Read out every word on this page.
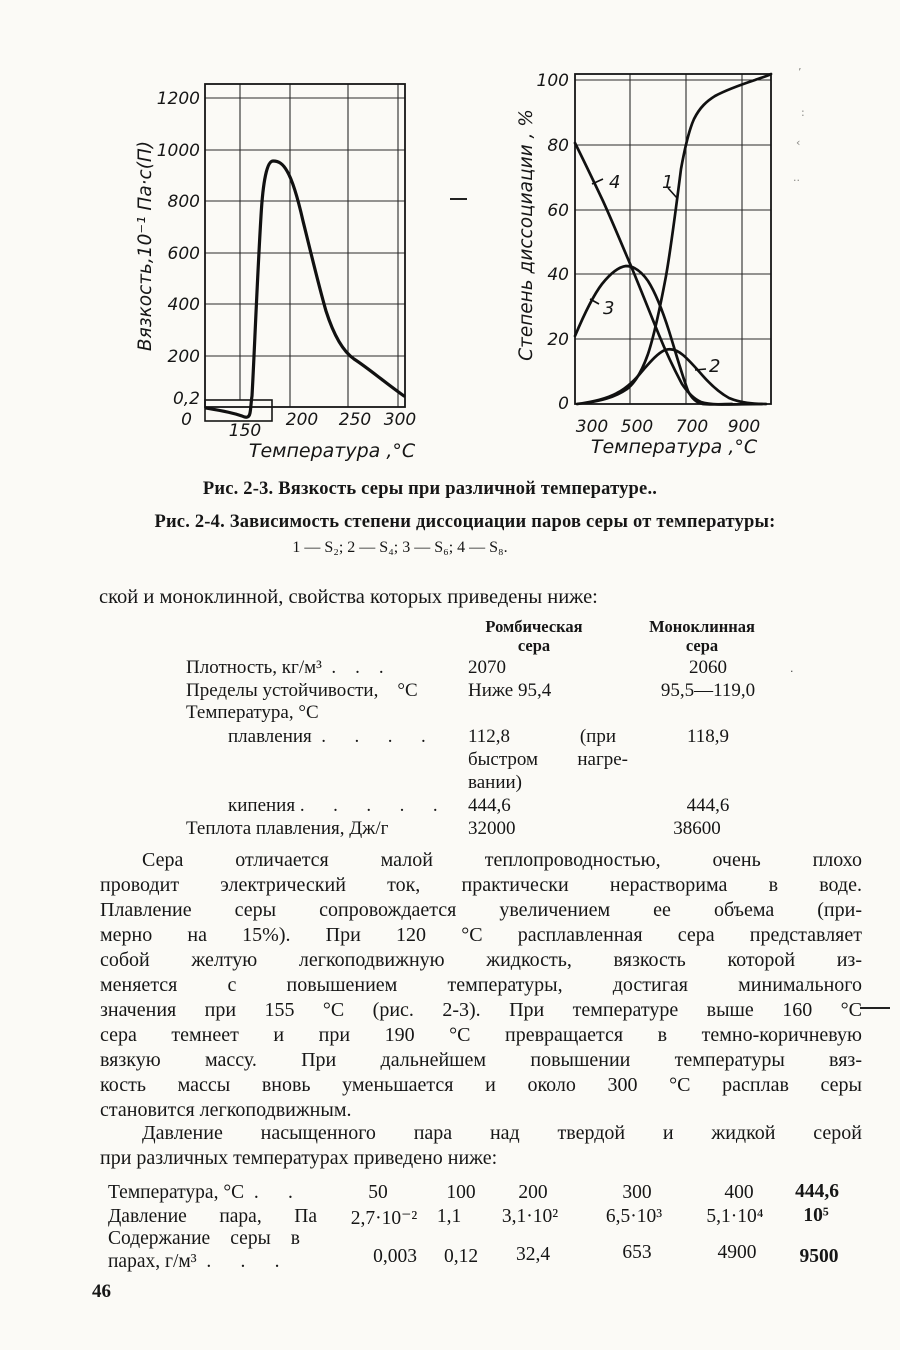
1200
1000
800
600
400
200
0,2
0
150
200 250 300
Температура ,°С
Вязкость,10⁻¹ Па·с(П)	4 1
3
2
100
80
60
40
20
0
300 500 700 900
Температура ,°С
Степень диссоциации , %
’
:
‹
··
.
Рис. 2-3. Вязкость серы при различной температуре..
Рис. 2-4. Зависимость степени диссоциации паров серы от температуры:
1 — S₂; 2 — S₄; 3 — S₆; 4 — S₈.
ской и моноклинной, свойства которых приведены ниже:
Ромбическая
сера
Моноклинная
сера
Плотность, кг/м³ . . .	2070	2060
Пределы устойчивости, °С	Ниже 95,4	95,5—119,0
Температура, °С
плавления .  .  .  . 112,8	(при	118,9
быстром нагре-
вании)
кипения .  .  .  .  . 444,6	444,6
Теплота плавления, Дж/г	32000	38600
Сера отличается малой теплопроводностью, очень плохо
проводит электрический ток, практически нерастворима в воде.
Плавление серы сопровождается увеличением ее объема (при-
мерно на 15%). При 120 °С расплавленная сера представляет
собой желтую легкоподвижную жидкость, вязкость которой из-
меняется с повышением температуры, достигая минимального
значения при 155 °С (рис. 2-3). При температуре выше 160 °С
сера темнеет и при 190 °С превращается в темно-коричневую
вязкую массу. При дальнейшем повышении температуры вяз-
кость массы вновь уменьшается и около 300 °С расплав серы
становится легкоподвижным.
Давление насыщенного пара над твердой и жидкой серой
при различных температурах приведено ниже:
Температура, °С .  .	50	100 200	300	400 444,6
Давление пара, Па 2,7·10⁻² 1,1 3,1·10² 6,5·10³ 5,1·10⁴ 10⁵
Содержание серы в
парах, г/м³ .  .  .	0,003 0,12 32,4	653	4900 9500
46
